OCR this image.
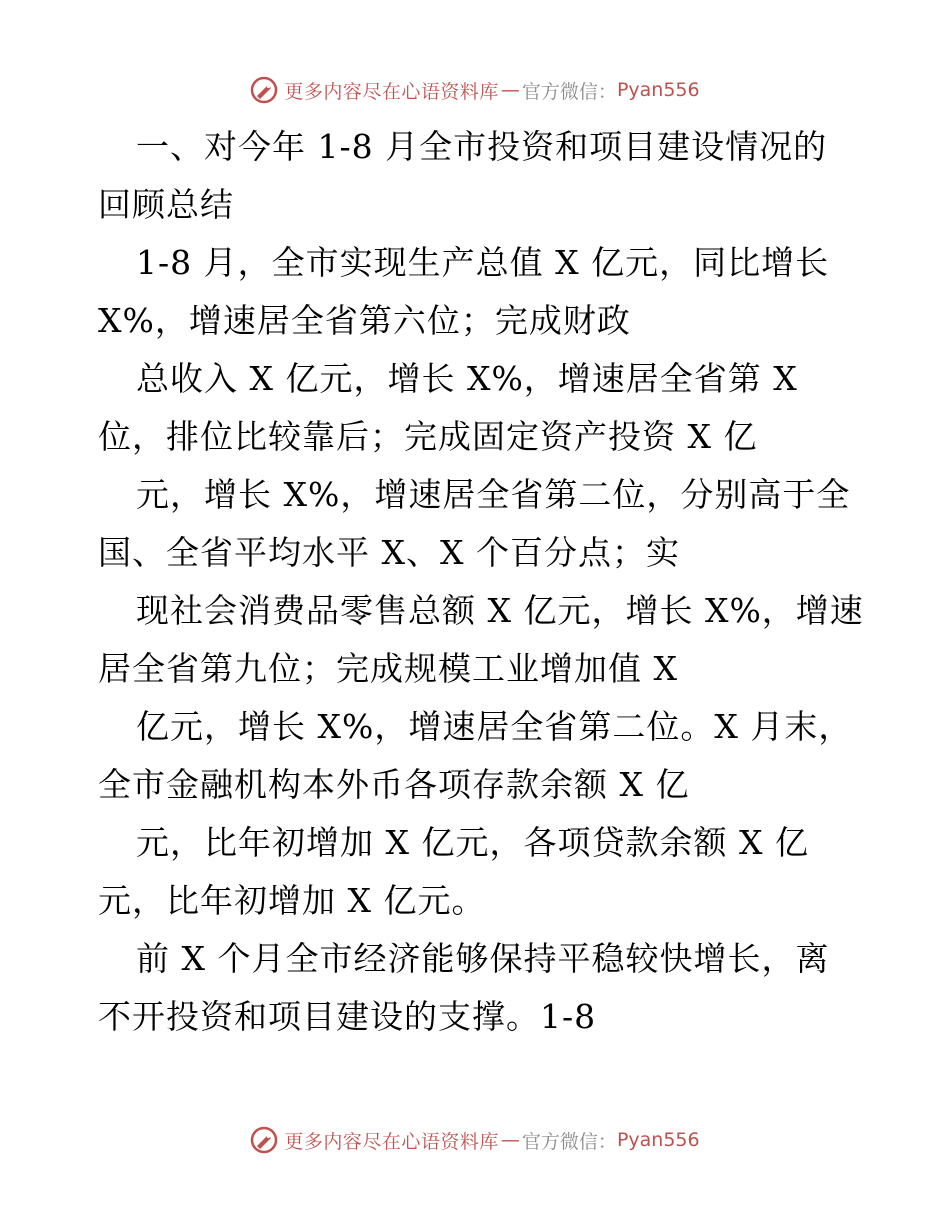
更多内容尽在心语资料库 — 官方微信： Pyan556
一、对今年 1-8 月全市投资和项目建设情况的
回顾总结
1-8 月，全市实现生产总值 X 亿元，同比增长
X%，增速居全省第六位；完成财政
总收入 X 亿元，增长 X%，增速居全省第 X
位，排位比较靠后；完成固定资产投资 X 亿
元，增长 X%，增速居全省第二位，分别高于全
国、全省平均水平 X、X 个百分点；实
现社会消费品零售总额 X 亿元，增长 X%，增速
居全省第九位；完成规模工业增加值 X
亿元，增长 X%，增速居全省第二位。X 月末，
全市金融机构本外币各项存款余额 X 亿
元，比年初增加 X 亿元，各项贷款余额 X 亿
元，比年初增加 X 亿元。
前 X 个月全市经济能够保持平稳较快增长，离
不开投资和项目建设的支撑。1-8
更多内容尽在心语资料库 — 官方微信： Pyan556
